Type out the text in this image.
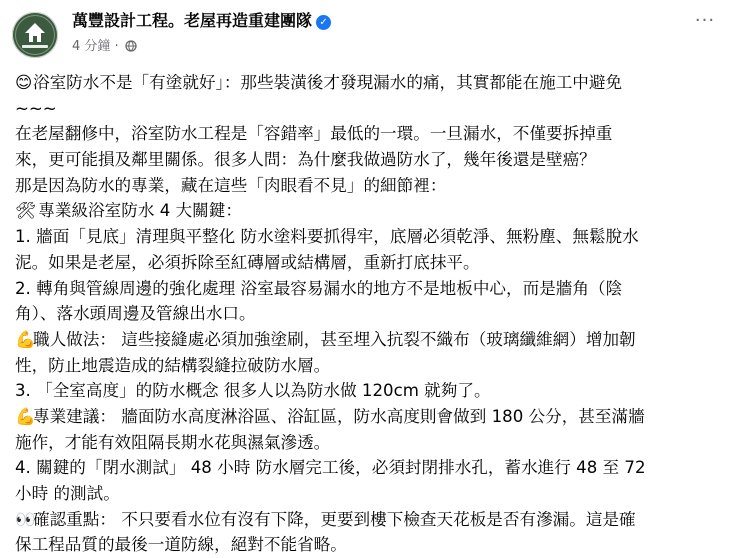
萬豐設計工程。老屋再造重建團隊 ✓
4 分鐘 ·
···
😊浴室防水不是「有塗就好」：那些裝潢後才發現漏水的痛，其實都能在施工中避免
~~~
在老屋翻修中，浴室防水工程是「容錯率」最低的一環。一旦漏水，不僅要拆掉重
來，更可能損及鄰里關係。很多人問：為什麼我做過防水了，幾年後還是壁癌？
那是因為防水的專業，藏在這些「肉眼看不見」的細節裡：
🛠 專業級浴室防水 4 大關鍵：
1. 牆面「見底」清理與平整化 防水塗料要抓得牢，底層必須乾淨、無粉塵、無鬆脫水
泥。如果是老屋，必須拆除至紅磚層或結構層，重新打底抹平。
2. 轉角與管線周邊的強化處理 浴室最容易漏水的地方不是地板中心，而是牆角（陰
角）、落水頭周邊及管線出水口。
💪職人做法： 這些接縫處必須加強塗刷，甚至埋入抗裂不織布（玻璃纖維網）增加韌
性，防止地震造成的結構裂縫拉破防水層。
3. 「全室高度」的防水概念 很多人以為防水做 120cm 就夠了。
💪專業建議： 牆面防水高度淋浴區、浴缸區，防水高度則會做到 180 公分，甚至滿牆
施作，才能有效阻隔長期水花與濕氣滲透。
4. 關鍵的「閉水測試」 48 小時 防水層完工後，必須封閉排水孔，蓄水進行 48 至 72
小時 的測試。
👀確認重點： 不只要看水位有沒有下降，更要到樓下檢查天花板是否有滲漏。這是確
保工程品質的最後一道防線，絕對不能省略。
